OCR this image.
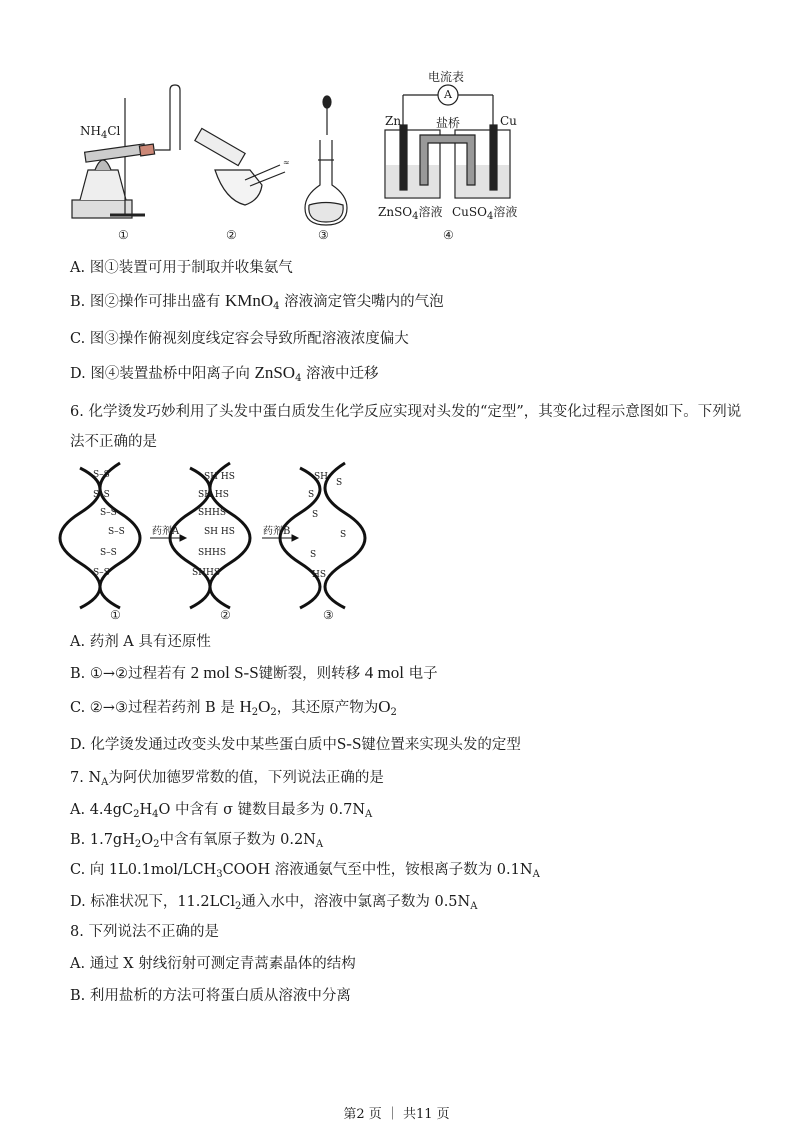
≈
$NH_4Cl$
电流表
A
盐桥
Zn	Cu
ZnSO$_4$溶液 CuSO$_4$溶液
①	②	③	④
A. 图①装置可用于制取并收集氨气
B. 图②操作可排出盛有 KMnO$_4$ 溶液滴定管尖嘴内的气泡
C. 图③操作俯视刻度线定容会导致所配溶液浓度偏大
D. 图④装置盐桥中阳离子向 ZnSO$_4$ 溶液中迁移
6. 化学烫发巧妙利用了头发中蛋白质发生化学反应实现对头发的“定型”，其变化过程示意图如下。下列说
法不正确的是
S–S
S–S
S–S
S–S
S–S
S–S
SH HS
SH HS
SHHS
SH HS
SHHS
SHHS
SH
S
S
S
S
S
HS
药剂A	药剂B
①	②	③
A. 药剂 A 具有还原性
B. ①→②过程若有 2 mol S-S键断裂，则转移 4 mol 电子
C. ②→③过程若药剂 B 是 $H_2O_2$，其还原产物为$O_2$
D. 化学烫发通过改变头发中某些蛋白质中S-S键位置来实现头发的定型
7. $N_A$为阿伏加德罗常数的值，下列说法正确的是
A. $4.4gC_2H_4O$ 中含有 σ 键数目最多为 $0.7N_A$
B. $1.7gH_2O_2$中含有氧原子数为 $0.2N_A$
C. 向 $1L0.1mol/LCH_3COOH$ 溶液通氨气至中性，铵根离子数为 $0.1N_A$
D. 标准状况下，11.2LCl$_2$通入水中，溶液中氯离子数为 $0.5N_A$
8. 下列说法不正确的是
A. 通过 X 射线衍射可测定青蒿素晶体的结构
B. 利用盐析的方法可将蛋白质从溶液中分离
第2 页 ｜ 共11 页
